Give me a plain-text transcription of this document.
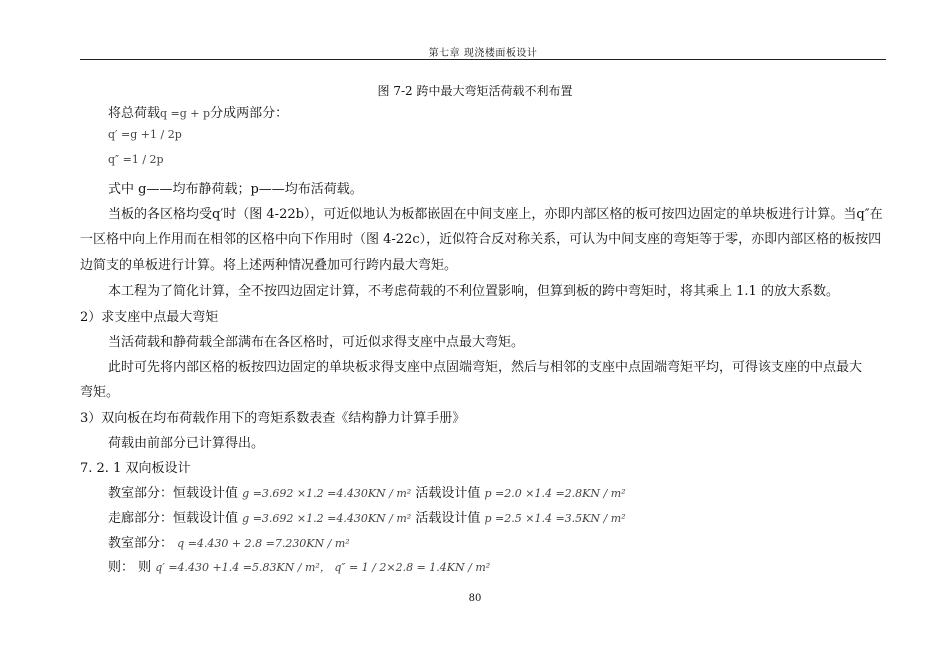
第七章 现浇楼面板设计
图 7-2 跨中最大弯矩活荷载不利布置
将总荷载q =g + p分成两部分：
q′ =g +1 / 2p
q″ =1 / 2p
式中 g——均布静荷载；p——均布活荷载。
当板的各区格均受q′时（图 4-22b），可近似地认为板都嵌固在中间支座上，亦即内部区格的板可按四边固定的单块板进行计算。当q″在
一区格中向上作用而在相邻的区格中向下作用时（图 4-22c），近似符合反对称关系，可认为中间支座的弯矩等于零，亦即内部区格的板按四
边简支的单板进行计算。将上述两种情况叠加可行跨内最大弯矩。
本工程为了简化计算，全不按四边固定计算，不考虑荷载的不利位置影响，但算到板的跨中弯矩时，将其乘上 1.1 的放大系数。
2）求支座中点最大弯矩
当活荷载和静荷载全部满布在各区格时，可近似求得支座中点最大弯矩。
此时可先将内部区格的板按四边固定的单块板求得支座中点固端弯矩，然后与相邻的支座中点固端弯矩平均，可得该支座的中点最大
弯矩。
3）双向板在均布荷载作用下的弯矩系数表查《结构静力计算手册》
荷载由前部分已计算得出。
7. 2. 1 双向板设计
教室部分：恒载设计值 g =3.692 ×1.2 =4.430KN / m² 活载设计值 p =2.0 ×1.4 =2.8KN / m²
走廊部分：恒载设计值 g =3.692 ×1.2 =4.430KN / m² 活载设计值 p =2.5 ×1.4 =3.5KN / m²
教室部分： q =4.430 + 2.8 =7.230KN / m²
则： 则 q′ =4.430 +1.4 =5.83KN / m²， q″ = 1 / 2×2.8 = 1.4KN / m²
80
